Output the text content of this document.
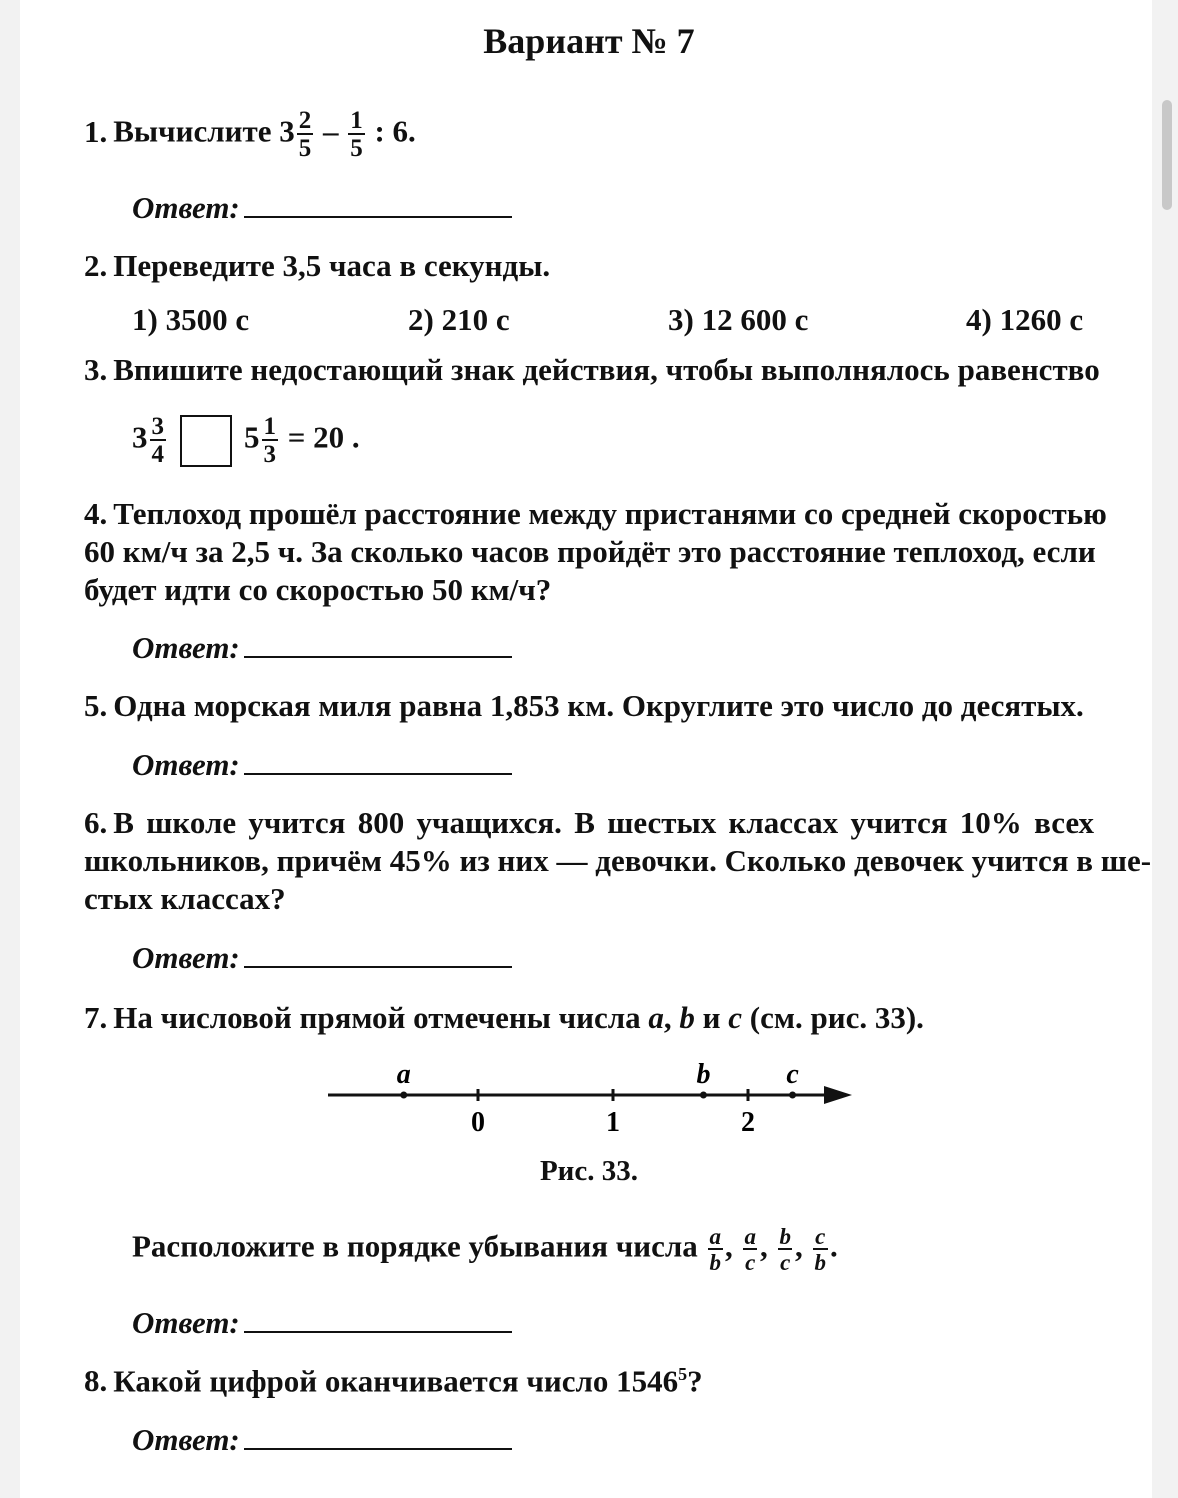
Вариант № 7
1. Вычислите $3 \frac{2}{5} - \frac{1}{5}$ : 6.
Ответ:
2. Переведите 3,5 часа в секунды.
1) 3500 с	2) 210 с	3) 12 600 с	4) 1260 с
3. Впишите недостающий знак действия, чтобы выполнялось равенство
$3 \frac{3}{4}$	$5 \frac{1}{3} = 20$ .
4. Теплоход прошёл расстояние между пристанями со средней скоростью
60 км/ч за 2,5 ч. За сколько часов пройдёт это расстояние теплоход, если
будет идти со скоростью 50 км/ч?
Ответ:
5. Одна морская миля равна 1,853 км. Округлите это число до десятых.
Ответ:
6. В школе учится 800 учащихся. В шестых классах учится 10% всех
школьников, причём 45% из них — девочки. Сколько девочек учится в ше-
стых классах?
Ответ:
7. На числовой прямой отмечены числа a, b и c (см. рис. 33).
0	1	2
a	b	c
Рис. 33.
Расположите в порядке убывания числа $\frac{a}{b}$ , $\frac{a}{c}$ , $\frac{b}{c}$ , $\frac{c}{b}$ .
Ответ:
8. Какой цифрой оканчивается число 1546$^5$?
Ответ:
